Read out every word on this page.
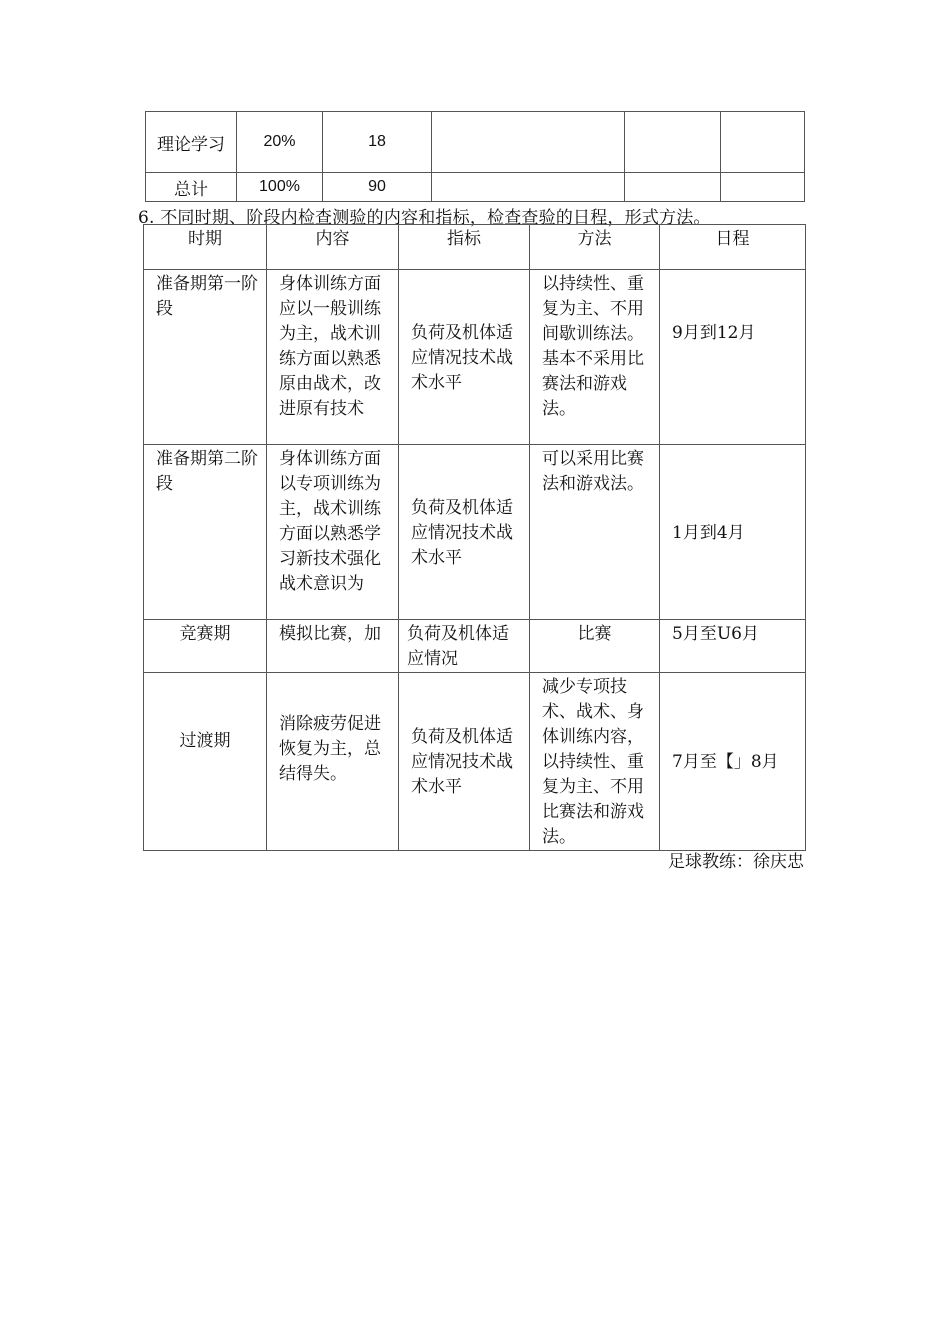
理论学习	20%	18			
总计	100%	90			
6. 不同时期、阶段内检查测验的内容和指标，检查查验的日程，形式方法。
时期	内容	指标	方法	日程
准备期第一阶段	身体训练方面应以一般训练为主，战术训练方面以熟悉原由战术，改进原有技术	负荷及机体适应情况技术战术水平	以持续性、重复为主、不用间歇训练法。基本不采用比赛法和游戏法。	9月到12月
准备期第二阶段	身体训练方面以专项训练为主，战术训练方面以熟悉学习新技术强化战术意识为	负荷及机体适应情况技术战术水平	可以采用比赛法和游戏法。	1月到4月
竞赛期	模拟比赛，加	负荷及机体适应情况	比赛	5月至U6月
过渡期	消除疲劳促进恢复为主，总结得失。	负荷及机体适应情况技术战术水平	减少专项技术、战术、身体训练内容，以持续性、重复为主、不用比赛法和游戏法。	7月至【」8月
足球教练：徐庆忠
